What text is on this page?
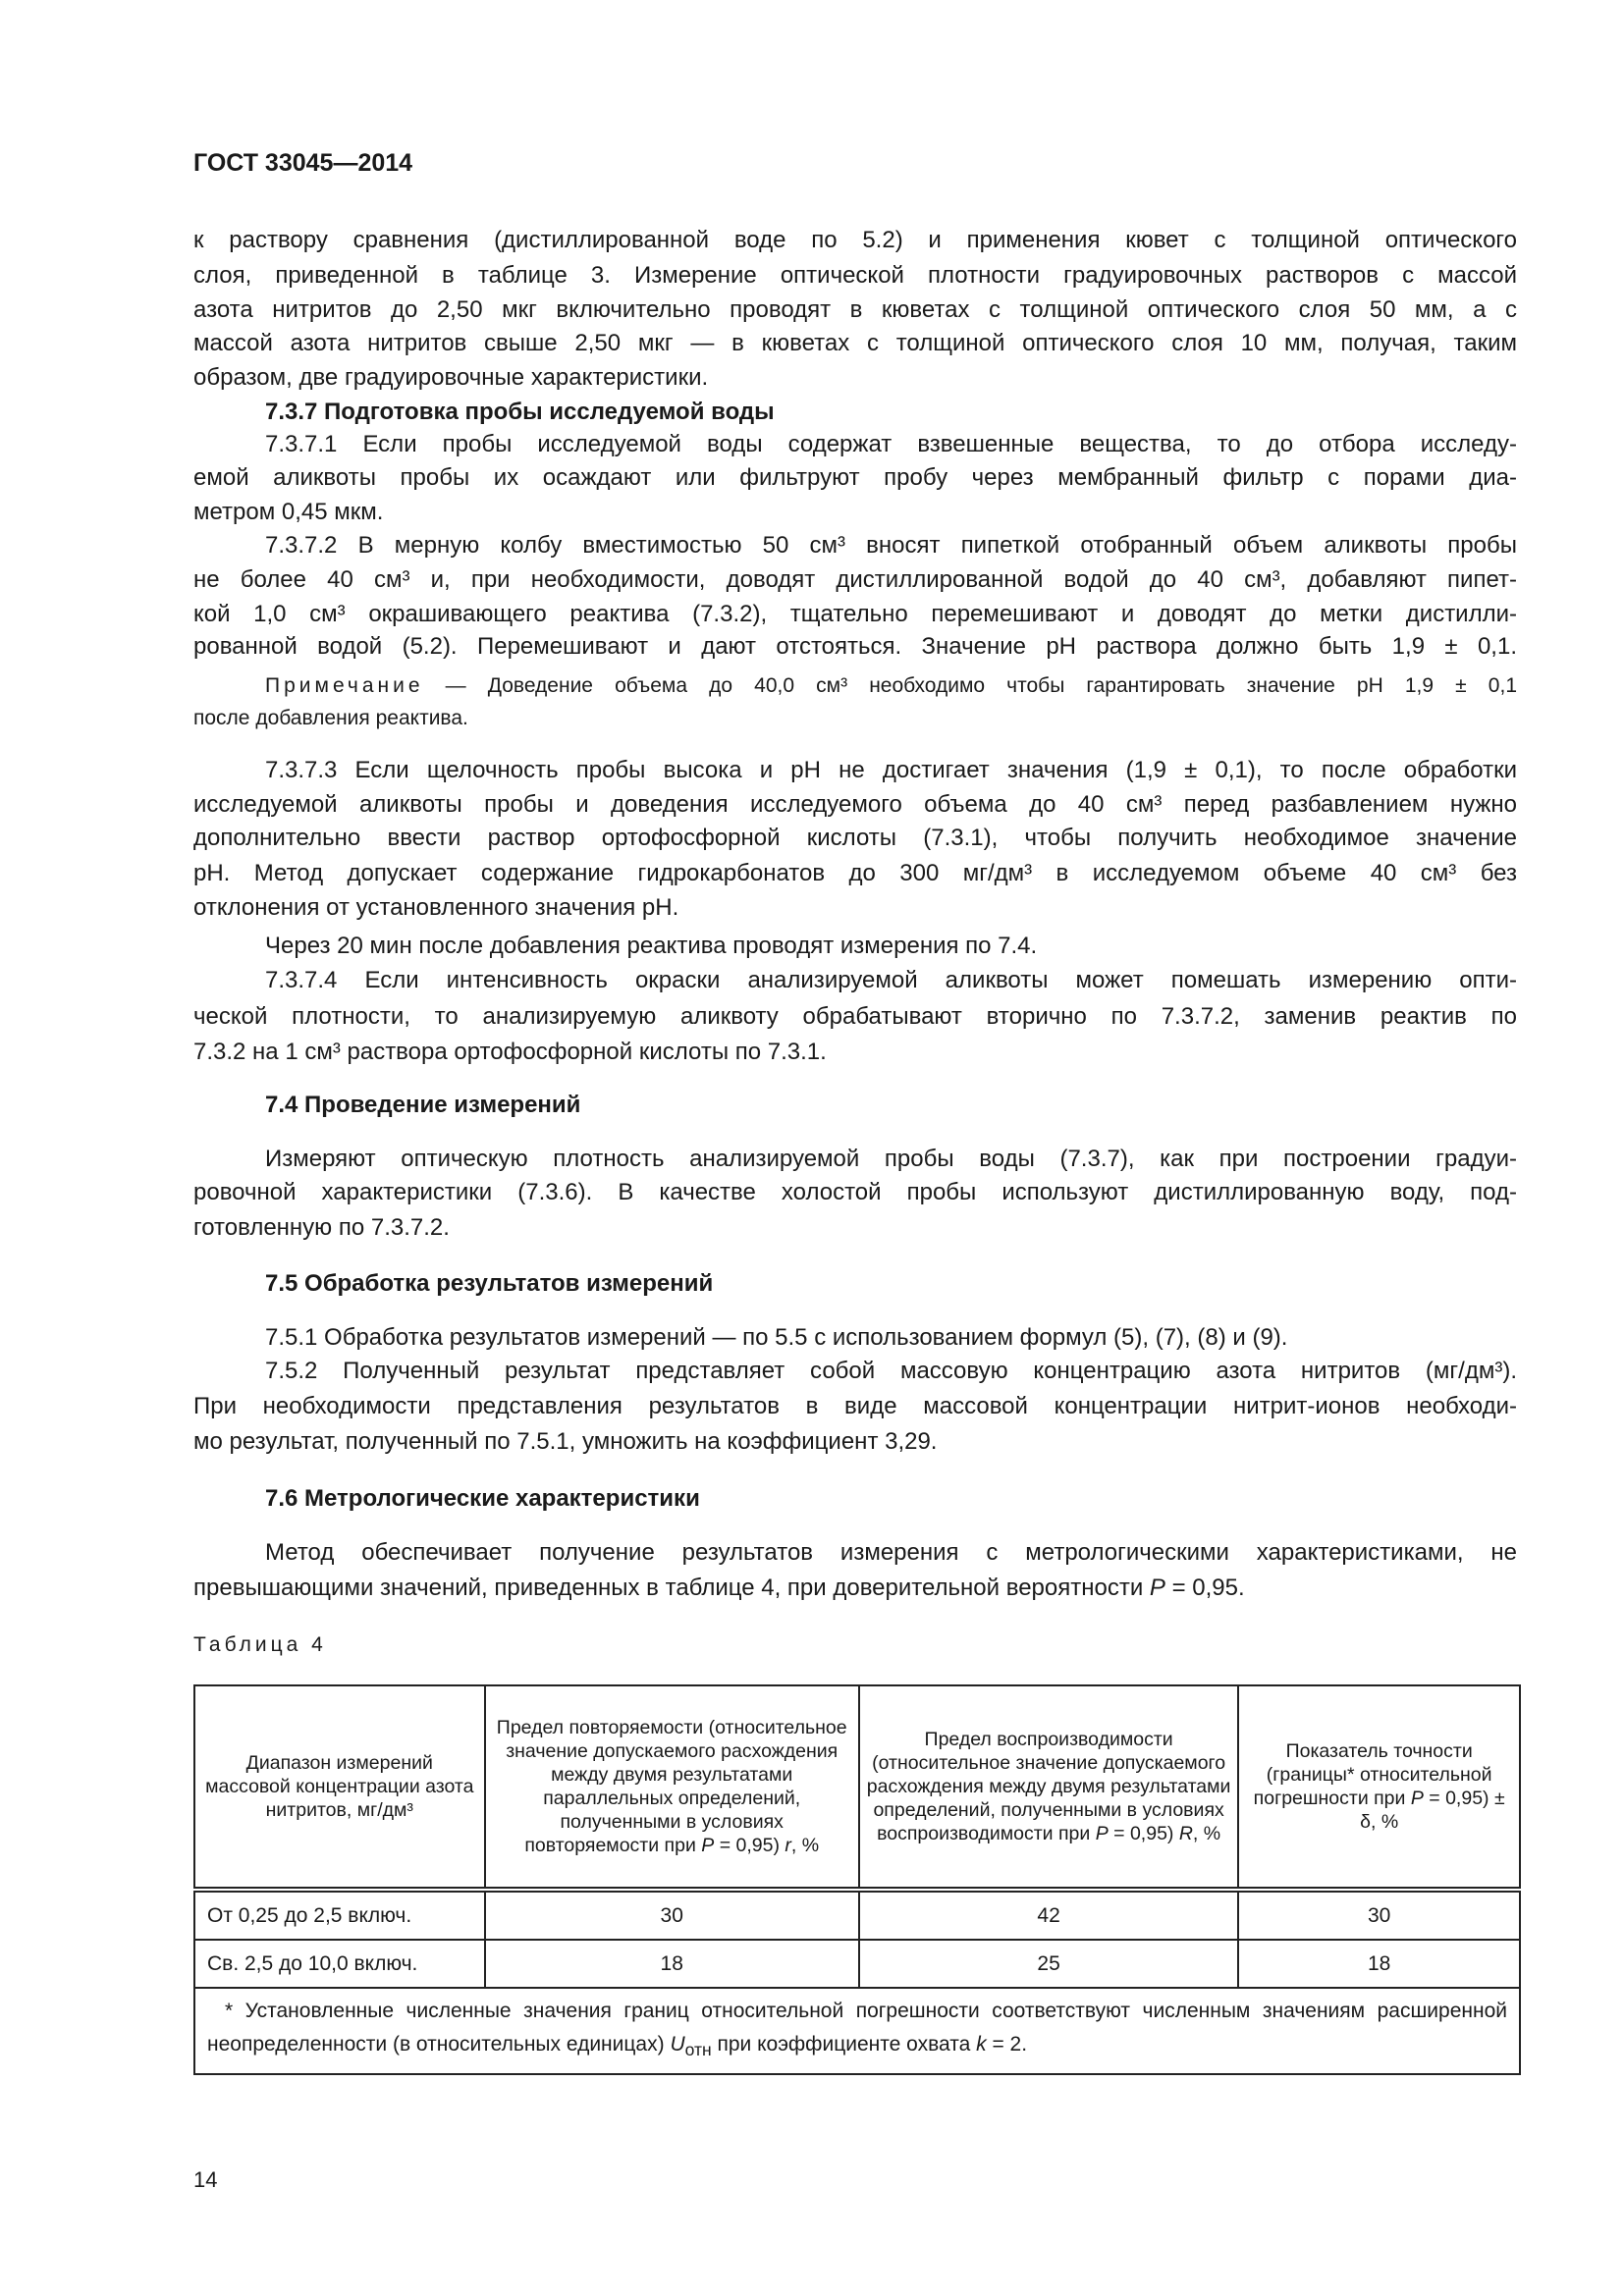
ГОСТ 33045—2014
к раствору сравнения (дистиллированной воде по 5.2) и применения кювет с толщиной оптического
слоя, приведенной в таблице 3. Измерение оптической плотности градуировочных растворов с массой
азота нитритов до 2,50 мкг включительно проводят в кюветах с толщиной оптического слоя 50 мм, а с
массой азота нитритов свыше 2,50 мкг — в кюветах с толщиной оптического слоя 10 мм, получая, таким
образом, две градуировочные характеристики.
7.3.7 Подготовка пробы исследуемой воды
7.3.7.1 Если пробы исследуемой воды содержат взвешенные вещества, то до отбора исследу-
емой аликвоты пробы их осаждают или фильтруют пробу через мембранный фильтр с порами диа-
метром 0,45 мкм.
7.3.7.2 В мерную колбу вместимостью 50 см³ вносят пипеткой отобранный объем аликвоты пробы
не более 40 см³ и, при необходимости, доводят дистиллированной водой до 40 см³, добавляют пипет-
кой 1,0 см³ окрашивающего реактива (7.3.2), тщательно перемешивают и доводят до метки дистилли-
рованной водой (5.2). Перемешивают и дают отстояться. Значение pH раствора должно быть 1,9 ± 0,1.
Примечание — Доведение объема до 40,0 см³ необходимо чтобы гарантировать значение pH 1,9 ± 0,1
после добавления реактива.
7.3.7.3 Если щелочность пробы высока и pH не достигает значения (1,9 ± 0,1), то после обработки
исследуемой аликвоты пробы и доведения исследуемого объема до 40 см³ перед разбавлением нужно
дополнительно ввести раствор ортофосфорной кислоты (7.3.1), чтобы получить необходимое значение
pH. Метод допускает содержание гидрокарбонатов до 300 мг/дм³ в исследуемом объеме 40 см³ без
отклонения от установленного значения pH.
Через 20 мин после добавления реактива проводят измерения по 7.4.
7.3.7.4 Если интенсивность окраски анализируемой аликвоты может помешать измерению опти-
ческой плотности, то анализируемую аликвоту обрабатывают вторично по 7.3.7.2, заменив реактив по
7.3.2 на 1 см³ раствора ортофосфорной кислоты по 7.3.1.
7.4 Проведение измерений
Измеряют оптическую плотность анализируемой пробы воды (7.3.7), как при построении градуи-
ровочной характеристики (7.3.6). В качестве холостой пробы используют дистиллированную воду, под-
готовленную по 7.3.7.2.
7.5 Обработка результатов измерений
7.5.1 Обработка результатов измерений — по 5.5 с использованием формул (5), (7), (8) и (9).
7.5.2 Полученный результат представляет собой массовую концентрацию азота нитритов (мг/дм³).
При необходимости представления результатов в виде массовой концентрации нитрит-ионов необходи-
мо результат, полученный по 7.5.1, умножить на коэффициент 3,29.
7.6 Метрологические характеристики
Метод обеспечивает получение результатов измерения с метрологическими характеристиками, не
превышающими значений, приведенных в таблице 4, при доверительной вероятности P = 0,95.
Таблица 4
Диапазон измерений массовой концентрации азота нитритов, мг/дм³	Предел повторяемости (относительное значение допускаемого расхождения между двумя результатами параллельных определений, полученными в условиях повторяемости при P = 0,95) r, %	Предел воспроизводимости (относительное значение допускаемого расхождения между двумя результатами определений, полученными в условиях воспроизводимости при P = 0,95) R, %	Показатель точности (границы* относительной погрешности при P = 0,95) ± δ, %
От 0,25 до 2,5 включ.	30	42	30
Св. 2,5 до 10,0 включ.	18	25	18
* Установленные численные значения границ относительной погрешности соответствуют численным значениям расширенной неопределенности (в относительных единицах) $U_{отн}$ при коэффициенте охвата k = 2.			
14
